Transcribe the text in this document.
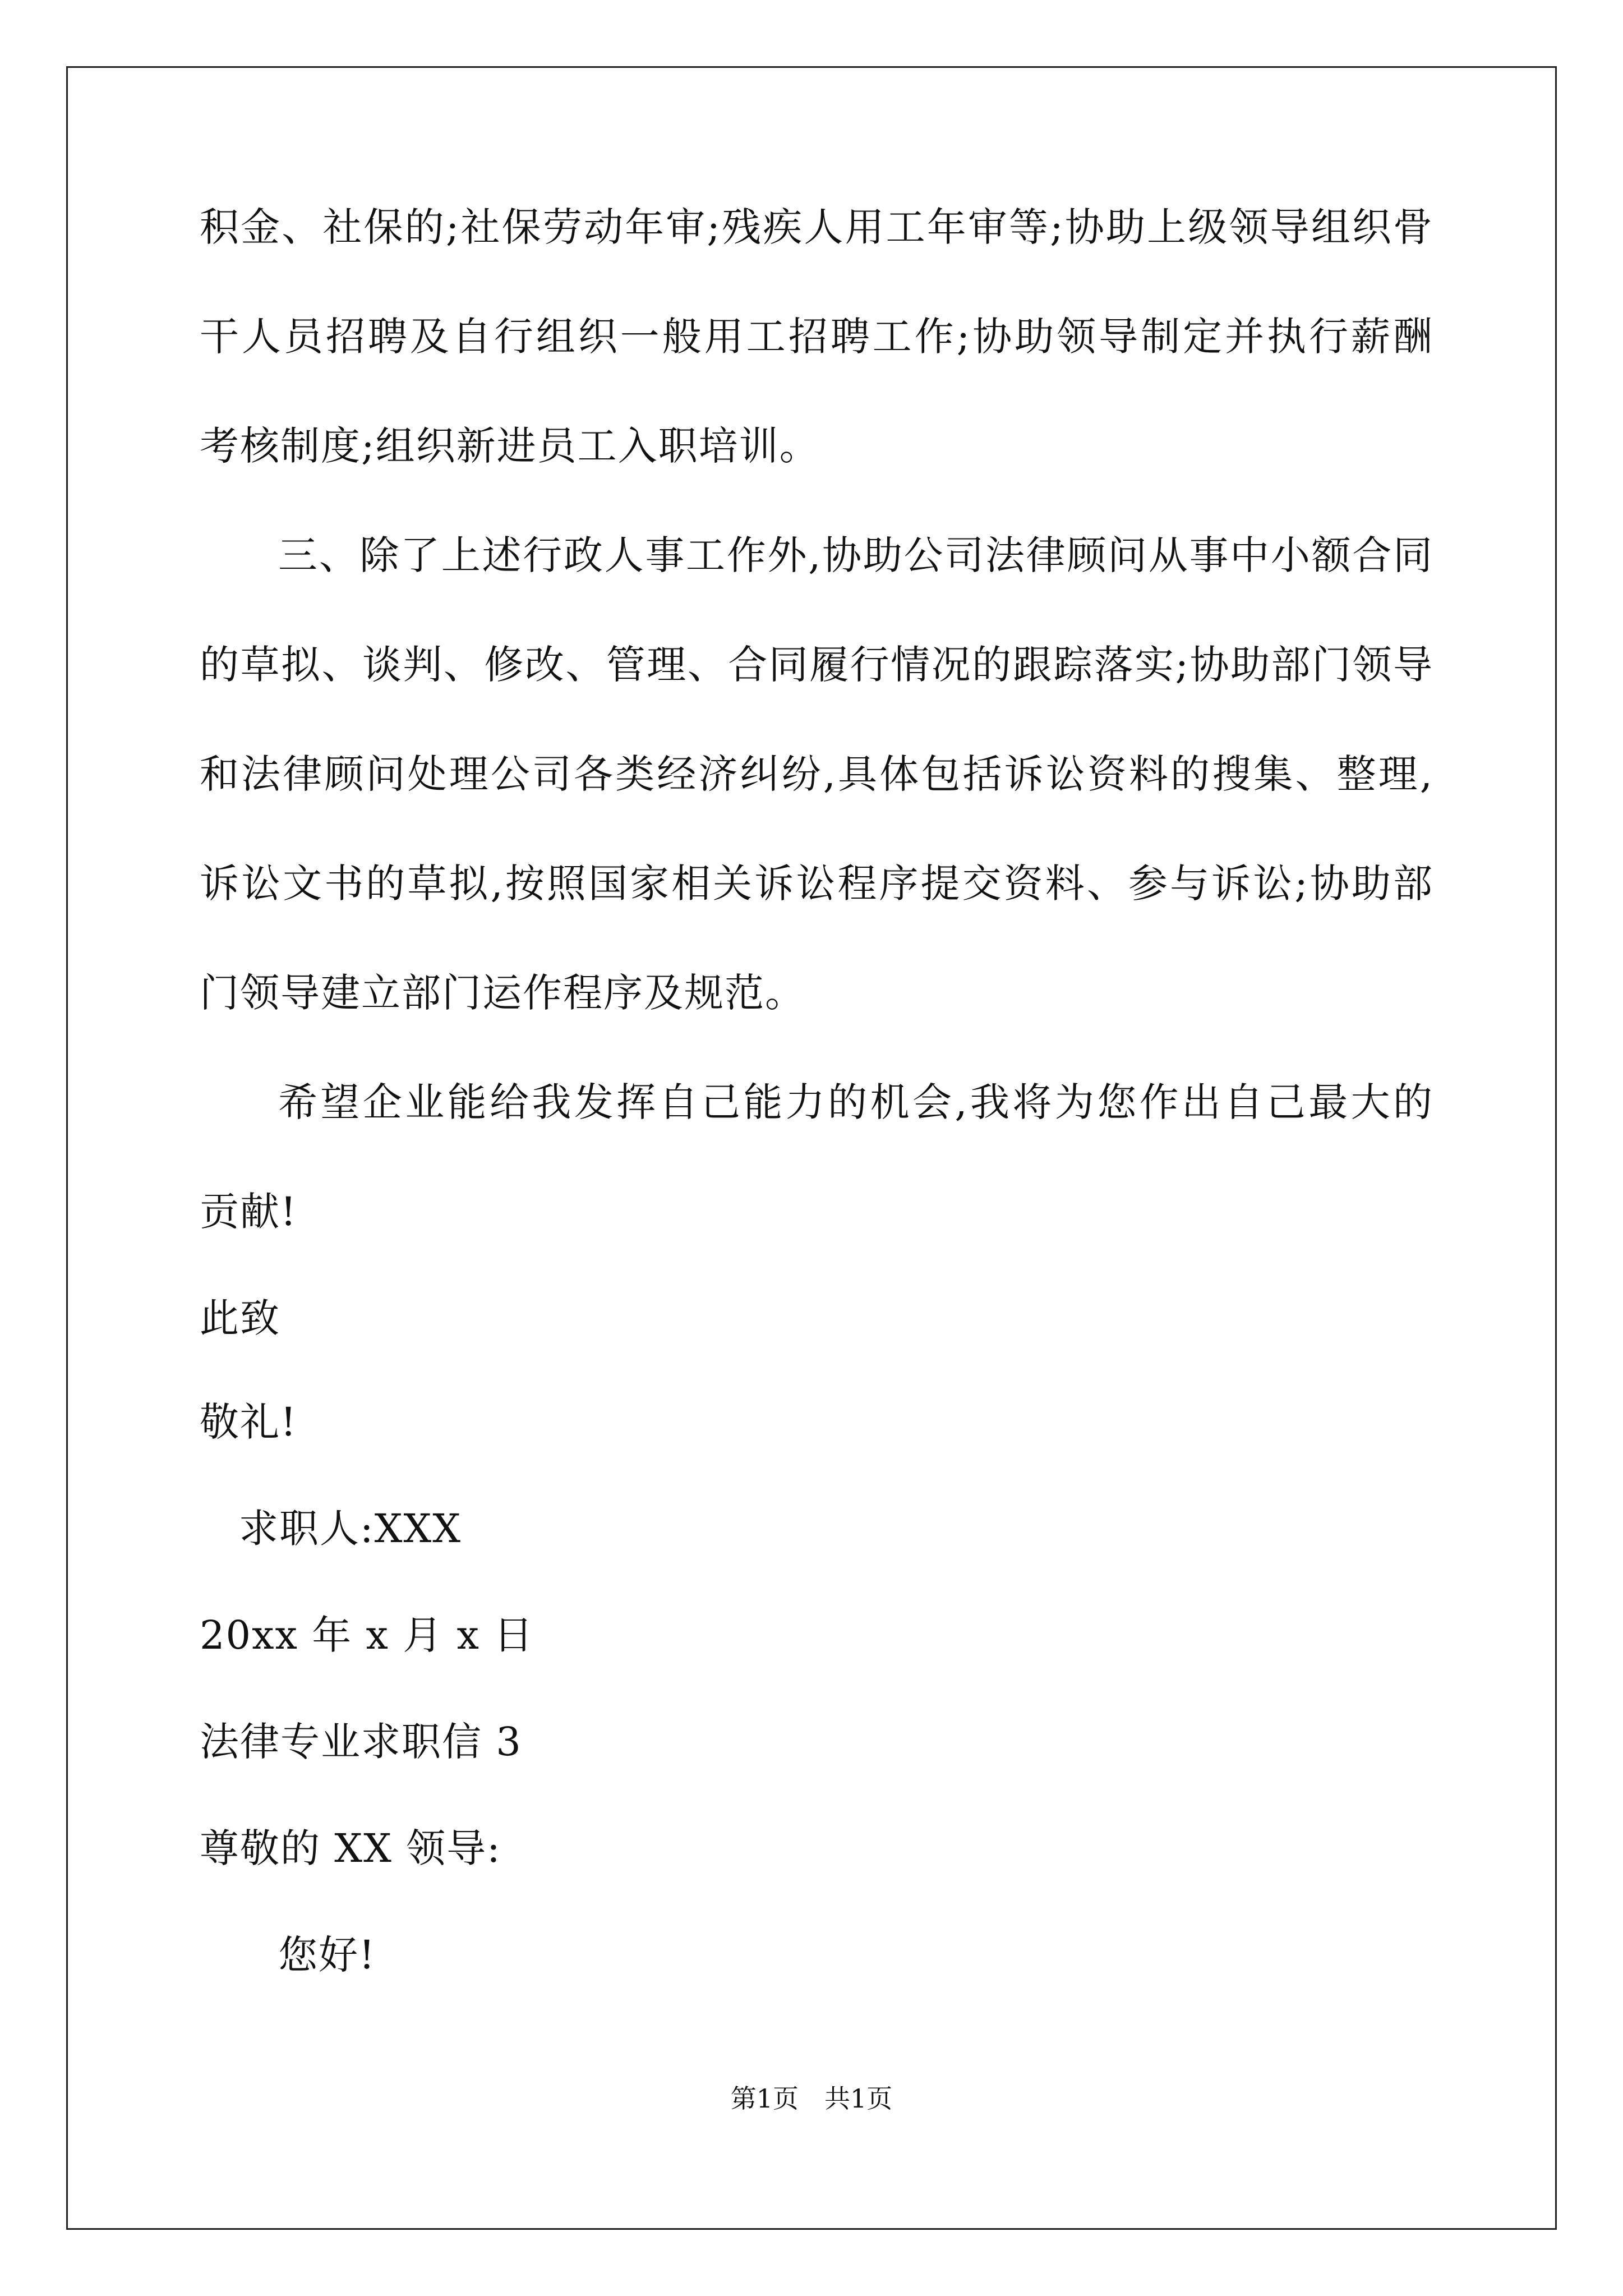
积金、社保的;社保劳动年审;残疾人用工年审等;协助上级领导组织骨
干人员招聘及自行组织一般用工招聘工作;协助领导制定并执行薪酬
考核制度;组织新进员工入职培训。
三、除了上述行政人事工作外,协助公司法律顾问从事中小额合同
的草拟、谈判、修改、管理、合同履行情况的跟踪落实;协助部门领导
和法律顾问处理公司各类经济纠纷,具体包括诉讼资料的搜集、整理,
诉讼文书的草拟,按照国家相关诉讼程序提交资料、参与诉讼;协助部
门领导建立部门运作程序及规范。
希望企业能给我发挥自己能力的机会,我将为您作出自己最大的
贡献!
此致
敬礼!
求职人:XXX
20xx 年 x 月 x 日
法律专业求职信 3
尊敬的 XX 领导:
您好!
第1页　共1页
